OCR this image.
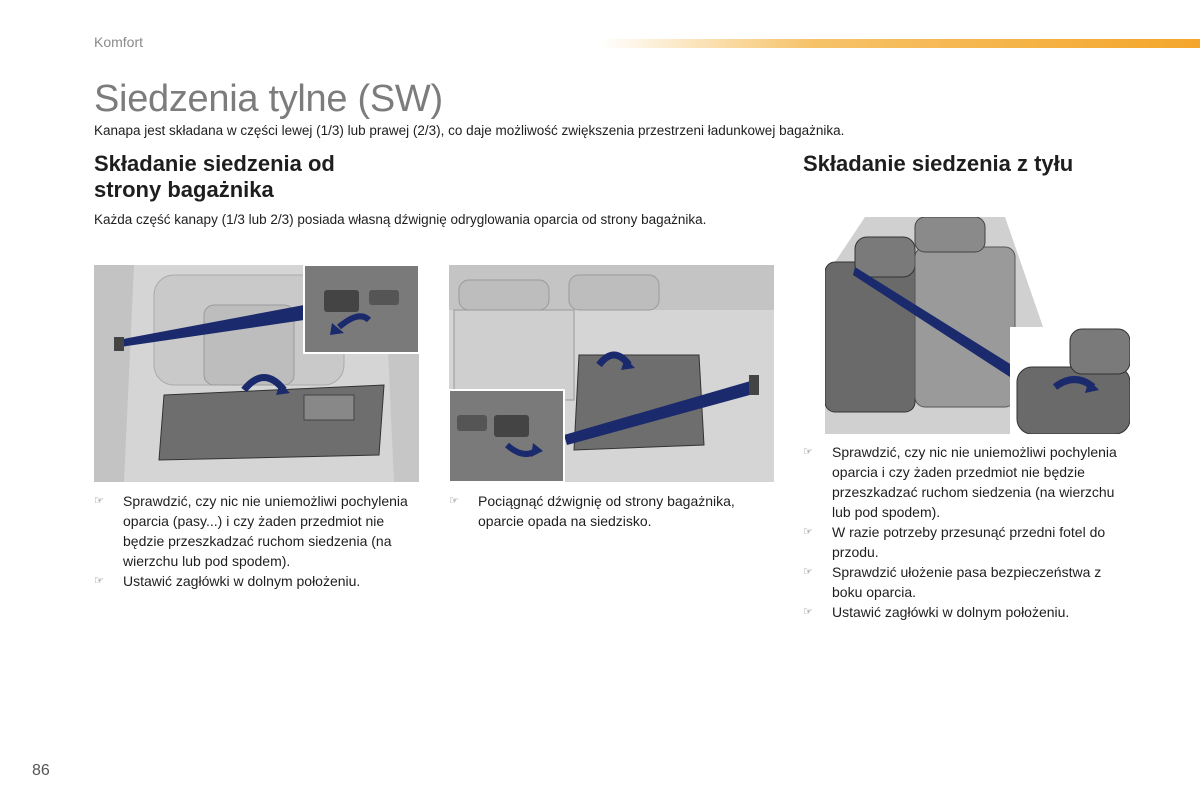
Komfort
Siedzenia tylne (SW)
Kanapa jest składana w części lewej (1/3) lub prawej (2/3), co daje możliwość zwiększenia przestrzeni ładunkowej bagażnika.
Składanie siedzenia od
strony bagażnika
Składanie siedzenia z tyłu
Każda część kanapy (1/3 lub 2/3) posiada własną dźwignię odryglowania oparcia od strony bagażnika.
☞	Sprawdzić, czy nic nie uniemożliwi pochylenia oparcia (pasy...) i czy żaden przedmiot nie będzie przeszkadzać ruchom siedzenia (na wierzchu lub pod spodem).
☞	Ustawić zagłówki w dolnym położeniu.
☞	Pociągnąć dźwignię od strony bagażnika, oparcie opada na siedzisko.
☞	Sprawdzić, czy nic nie uniemożliwi pochylenia oparcia i czy żaden przedmiot nie będzie przeszkadzać ruchom siedzenia (na wierzchu lub pod spodem).
☞	W razie potrzeby przesunąć przedni fotel do przodu.
☞	Sprawdzić ułożenie pasa bezpieczeństwa z boku oparcia.
☞	Ustawić zagłówki w dolnym położeniu.
86
